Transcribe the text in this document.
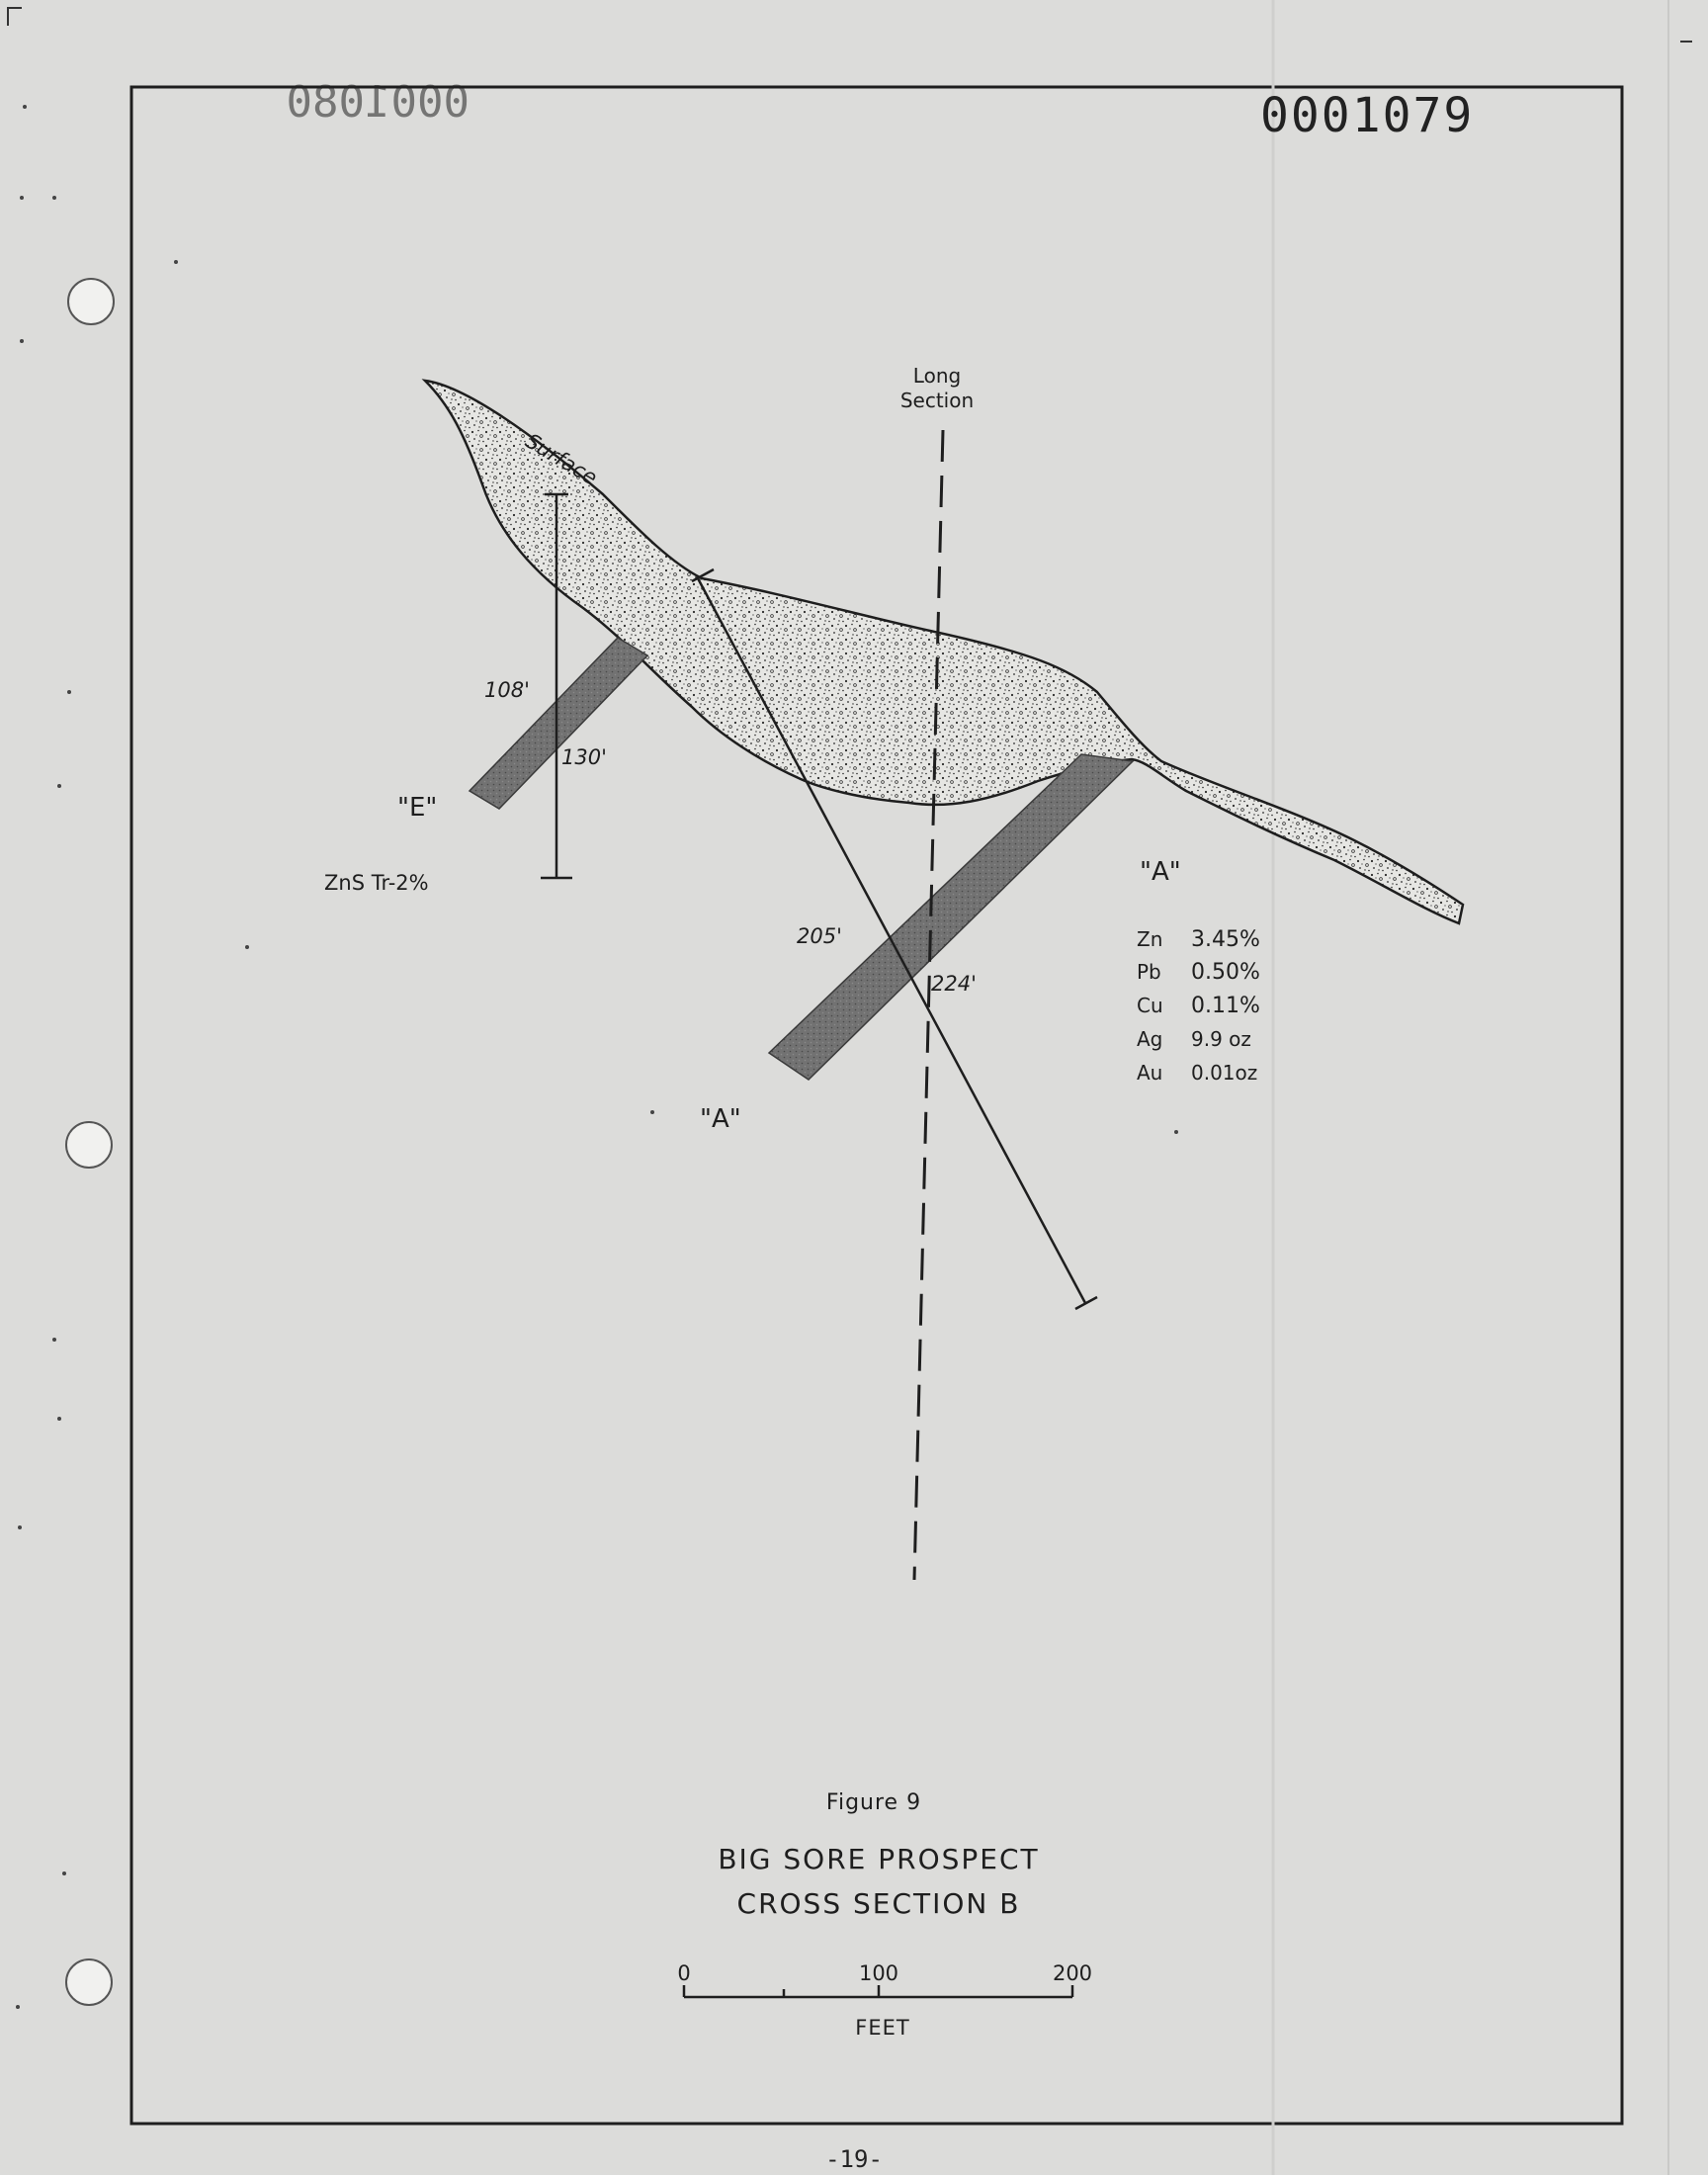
0001080	0001079
Long
Section
Surface
108'
130'
"E"
ZnS Tr-2%
205'
224'
"A"
"A"
Zn 3.45%
Pb 0.50%
Cu 0.11%
Ag 9.9 oz
Au 0.01oz
Figure 9
BIG SORE PROSPECT
CROSS SECTION B
0	100	200
FEET
-19-
